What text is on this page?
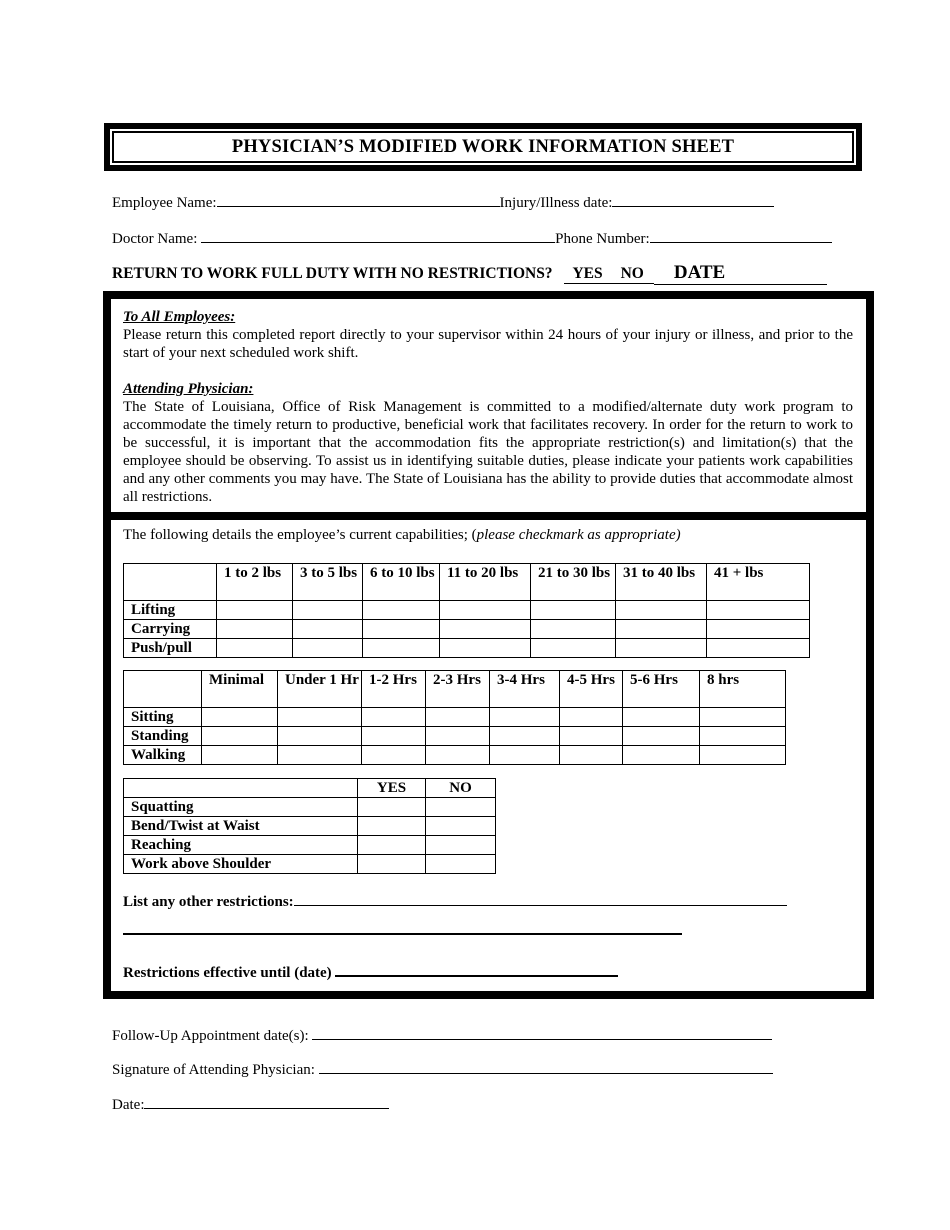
PHYSICIAN’S MODIFIED WORK INFORMATION SHEET
Employee Name:	Injury/Illness date:
Doctor Name:	Phone Number:
RETURN TO WORK FULL DUTY WITH NO RESTRICTIONS? YES NO DATE
To All Employees:

Please return this completed report directly to your supervisor within 24 hours of your injury or illness, and prior to the start of your next scheduled work shift.

Attending Physician:

The State of Louisiana, Office of Risk Management is committed to a modified/alternate duty work program to accommodate the timely return to productive, beneficial work that facilitates recovery. In order for the return to work to be successful, it is important that the accommodation fits the appropriate restriction(s) and limitation(s) that the employee should be observing. To assist us in identifying suitable duties, please indicate your patients work capabilities and any other comments you may have. The State of Louisiana has the ability to provide duties that accommodate almost all restrictions.

The following details the employee’s current capabilities; (please checkmark as appropriate)
	1 to 2 lbs	3 to 5 lbs	6 to 10 lbs	11 to 20 lbs	21 to 30 lbs	31 to 40 lbs	41 + lbs
Lifting							
Carrying							
Push/pull							
	Minimal	Under 1 Hr	1-2 Hrs	2-3 Hrs	3-4 Hrs	4-5 Hrs	5-6 Hrs	8 hrs
Sitting								
Standing								
Walking								
	YES	NO
Squatting		
Bend/Twist at Waist		
Reaching		
Work above Shoulder		
List any other restrictions:
Restrictions effective until (date)
Follow-Up Appointment date(s):
Signature of Attending Physician:
Date:
